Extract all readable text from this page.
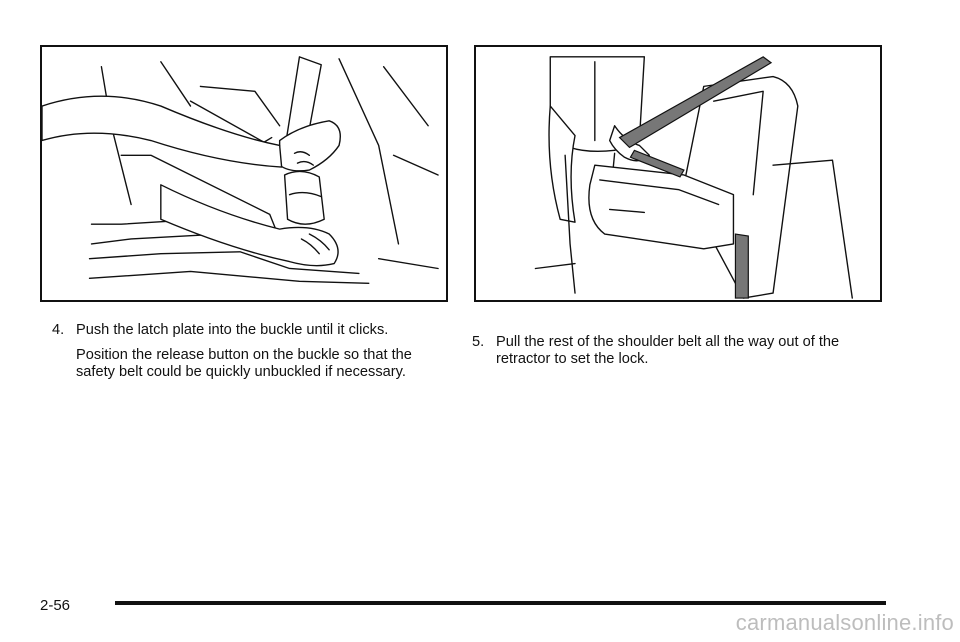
4. Push the latch plate into the buckle until it clicks.
Position the release button on the buckle so that the safety belt could be quickly unbuckled if necessary.
5. Pull the rest of the shoulder belt all the way out of the retractor to set the lock.
2-56
carmanualsonline.info
